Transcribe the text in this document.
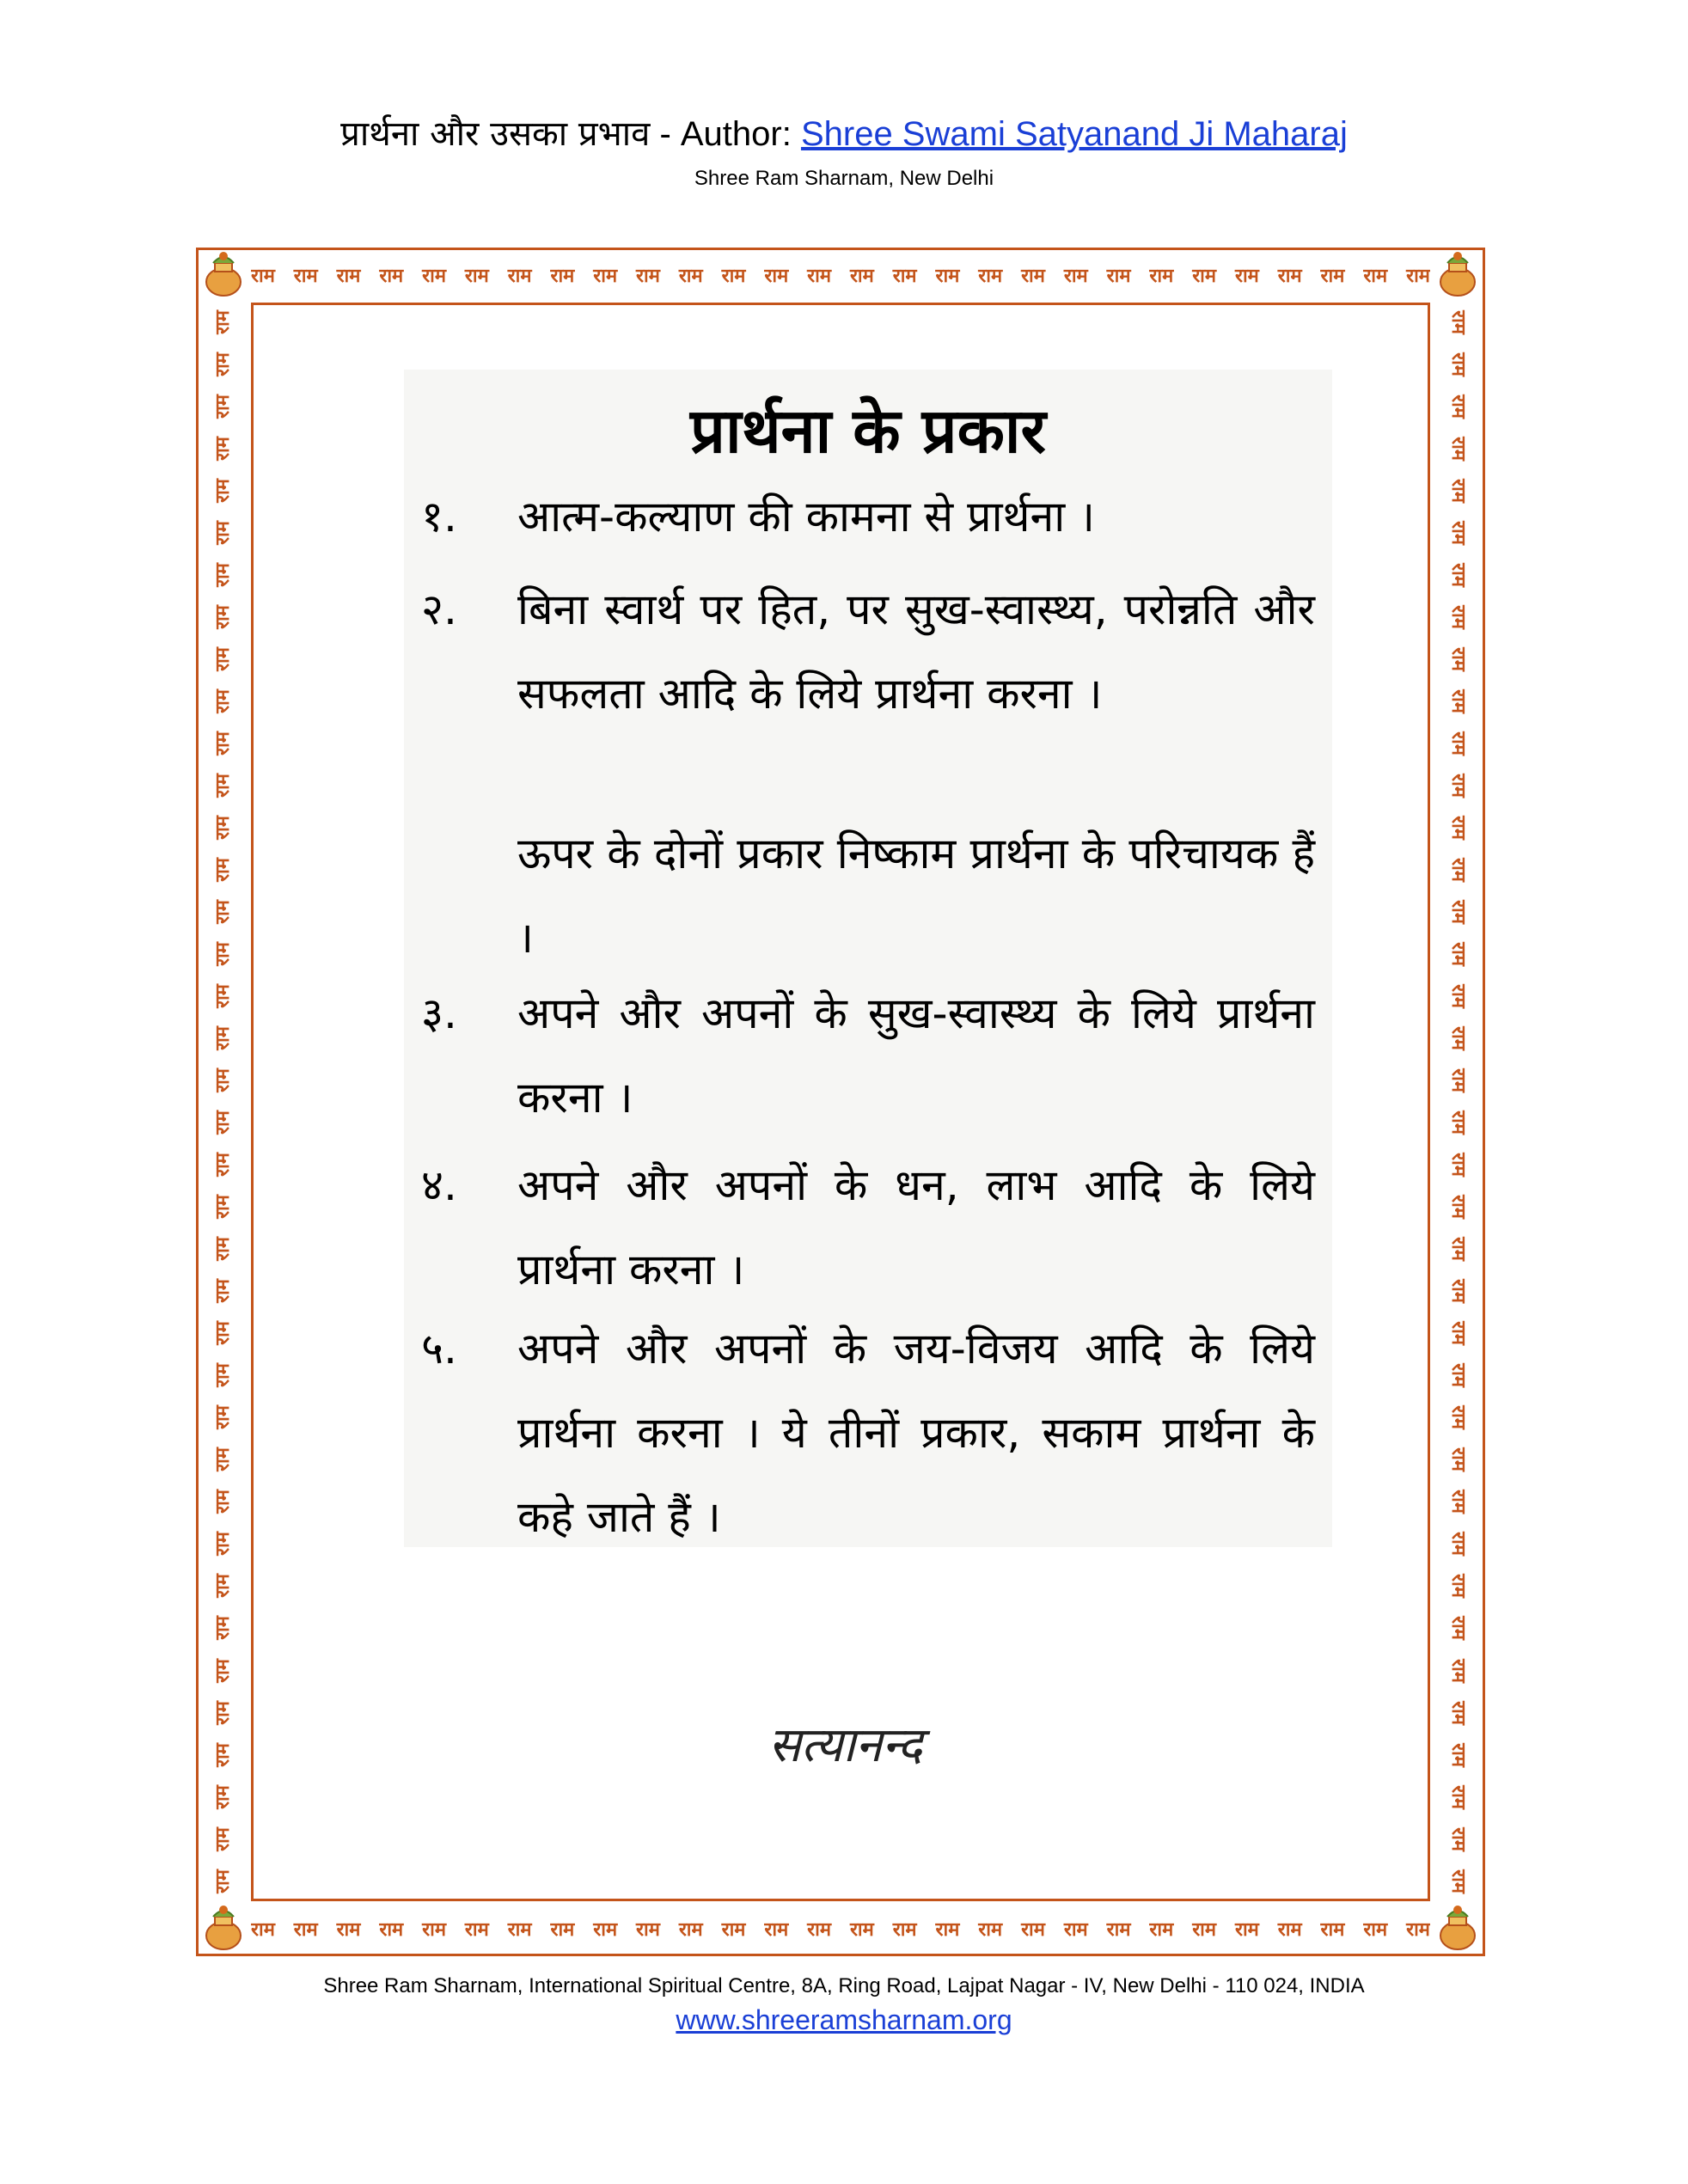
प्रार्थना और उसका प्रभाव - Author: Shree Swami Satyanand Ji Maharaj
Shree Ram Sharnam, New Delhi
राम राम राम राम राम राम राम राम राम राम राम राम राम राम राम राम राम राम राम राम राम राम राम राम राम राम राम राम
राम राम राम राम राम राम राम राम राम राम राम राम राम राम राम राम राम राम राम राम राम राम राम राम राम राम राम राम
राम
राम
राम
राम
राम
राम
राम
राम
राम
राम
राम
राम
राम
राम
राम
राम
राम
राम
राम
राम
राम
राम
राम
राम
राम
राम
राम
राम
राम
राम
राम
राम
राम
राम
राम
राम
राम
राम
राम
राम
राम
राम
राम
राम
राम
राम
राम
राम
राम
राम
राम
राम
राम
राम
राम
राम
राम
राम
राम
राम
राम
राम
राम
राम
राम
राम
राम
राम
राम
राम
राम
राम
राम
राम
राम
राम
प्रार्थना के प्रकार
१.	आत्म-कल्याण की कामना से प्रार्थना ।
२.	बिना स्वार्थ पर हित, पर सुख-स्वास्थ्य, परोन्नति और सफलता आदि के लिये प्रार्थना करना ।
ऊपर के दोनों प्रकार निष्काम प्रार्थना के परिचायक हैं ।
३.	अपने और अपनों के सुख-स्वास्थ्य के लिये प्रार्थना करना ।
४.	अपने और अपनों के धन, लाभ आदि के लिये प्रार्थना करना ।
५.	अपने और अपनों के जय-विजय आदि के लिये प्रार्थना करना । ये तीनों प्रकार, सकाम प्रार्थना के कहे जाते हैं ।
सत्यानन्द
Shree Ram Sharnam, International Spiritual Centre, 8A, Ring Road, Lajpat Nagar - IV, New Delhi - 110 024, INDIA
www.shreeramsharnam.org
